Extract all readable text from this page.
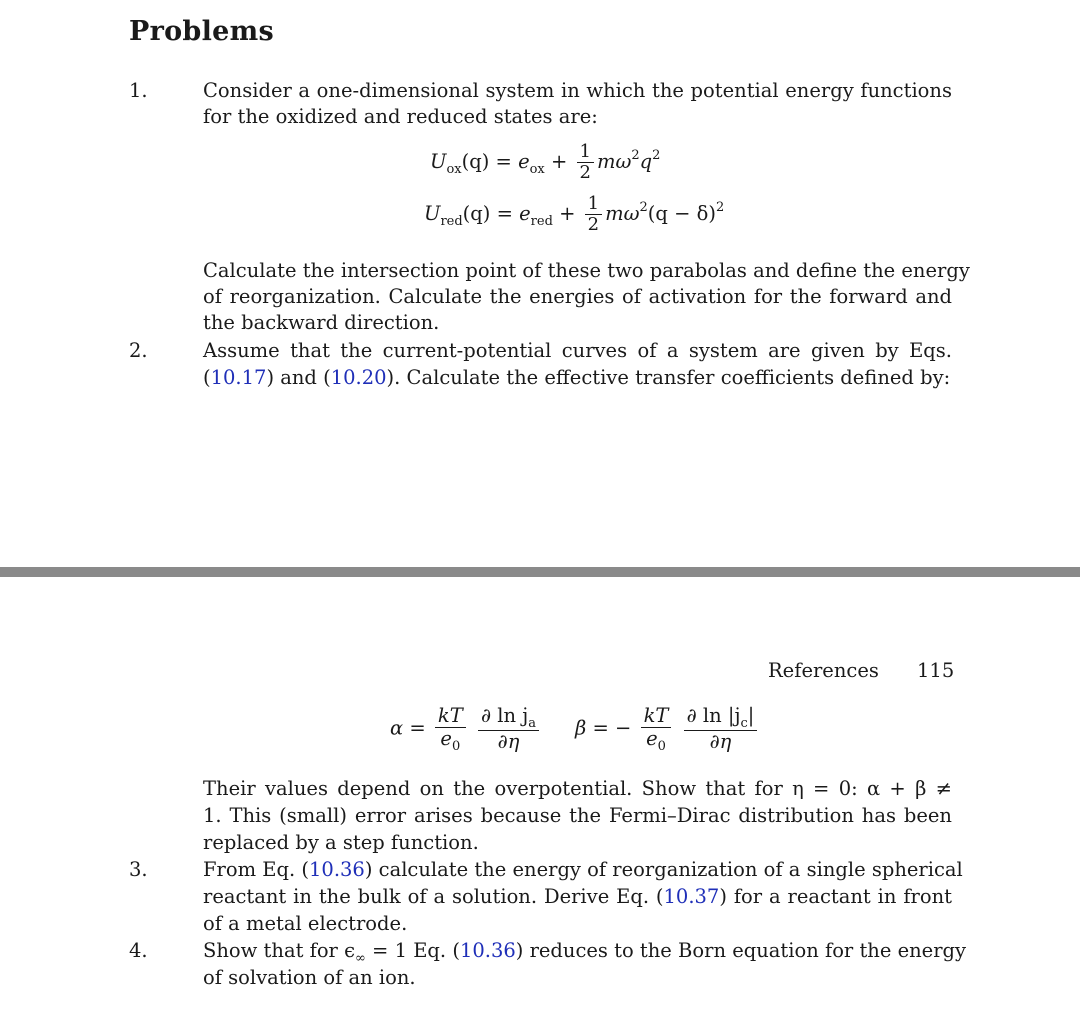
Problems
1.	Consider a one-dimensional system in which the potential energy functions
for the oxidized and reduced states are:
$U_{ox}(q) = e_{ox} + \frac{1}{2} m\omega^2q^2$
$U_{red}(q) = e_{red} + \frac{1}{2} m\omega^2(q - \delta)^2$
Calculate the intersection point of these two parabolas and define the energy
of reorganization. Calculate the energies of activation for the forward and
the backward direction.
2.	Assume that the current-potential curves of a system are given by Eqs.
(10.17) and (10.20). Calculate the effective transfer coefficients defined by:
References 115
$\alpha = \frac{kT}{e_0}$
$\frac{\partial \ln j_a}{\partial\eta}$ β = − $\frac{kT}{e_0}$
$\frac{\partial \ln |j_c|}{\partial\eta}$
Their values depend on the overpotential. Show that for η = 0: α + β ≠
1. This (small) error arises because the Fermi–Dirac distribution has been
replaced by a step function.
3.	From Eq. (10.36) calculate the energy of reorganization of a single spherical
reactant in the bulk of a solution. Derive Eq. (10.37) for a reactant in front
of a metal electrode.
4.	Show that for $\epsilon_\infty = 1$ Eq. (10.36) reduces to the Born equation for the energy
of solvation of an ion.
